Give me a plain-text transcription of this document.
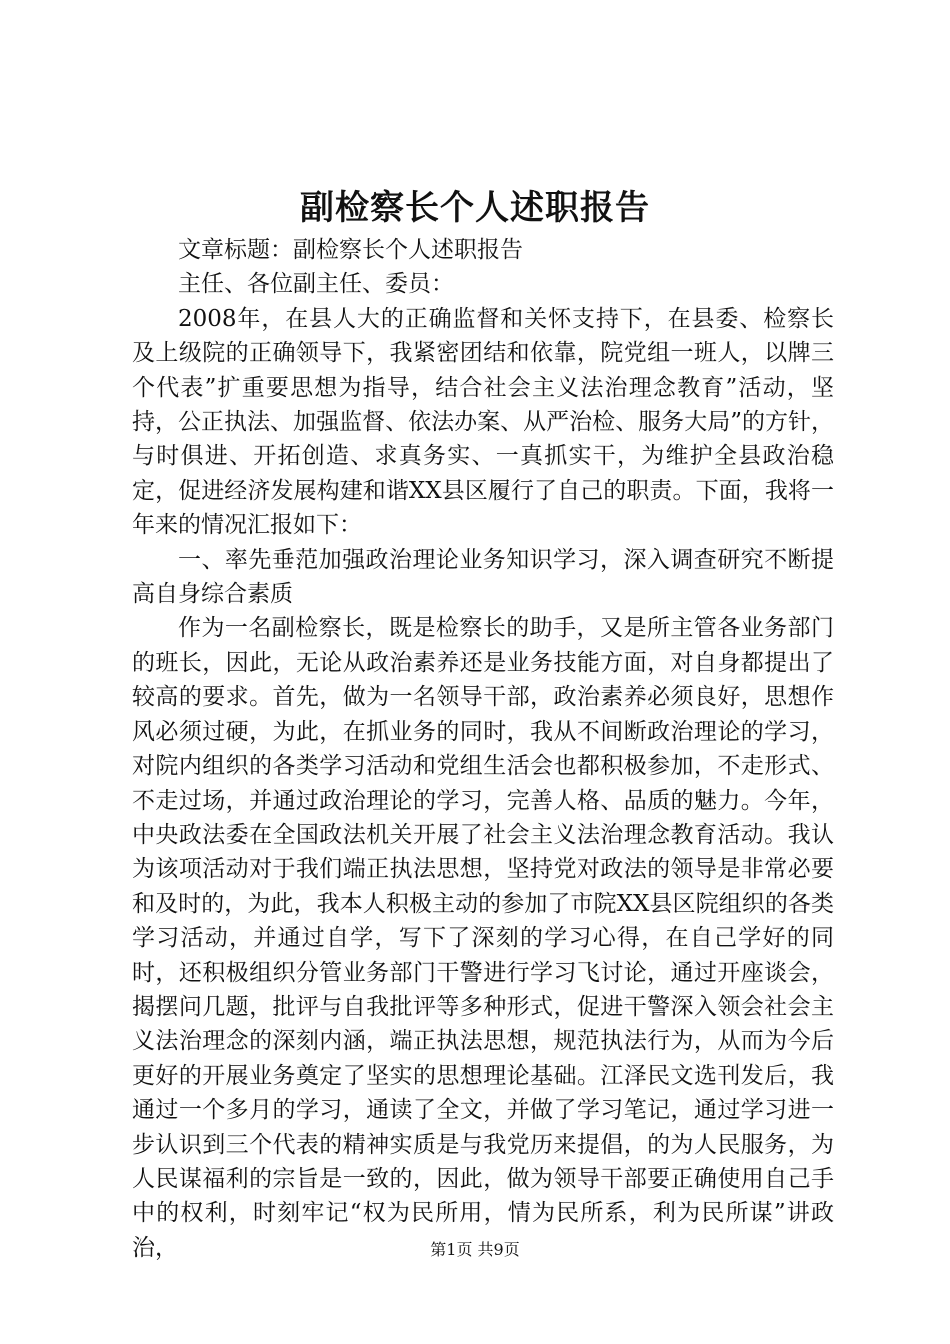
副检察长个人述职报告

文章标题：副检察长个人述职报告

主任、各位副主任、委员：

2008年，在县人大的正确监督和关怀支持下，在县委、检察长及上级院的正确领导下，我紧密团结和依靠，院党组一班人，以牌三个代表”扩重要思想为指导，结合社会主义法治理念教育”活动，坚持，公正执法、加强监督、依法办案、从严治检、服务大局”的方针，与时俱进、开拓创造、求真务实、一真抓实干，为维护全县政治稳定，促进经济发展构建和谐XX县区履行了自己的职责。下面，我将一年来的情况汇报如下：

一、率先垂范加强政治理论业务知识学习，深入调查研究不断提高自身综合素质

作为一名副检察长，既是检察长的助手，又是所主管各业务部门的班长，因此，无论从政治素养还是业务技能方面，对自身都提出了较高的要求。首先，做为一名领导干部，政治素养必须良好，思想作风必须过硬，为此，在抓业务的同时，我从不间断政治理论的学习，对院内组织的各类学习活动和党组生活会也都积极参加，不走形式、不走过场，并通过政治理论的学习，完善人格、品质的魅力。今年，中央政法委在全国政法机关开展了社会主义法治理念教育活动。我认为该项活动对于我们端正执法思想，坚持党对政法的领导是非常必要和及时的，为此，我本人积极主动的参加了市院XX县区院组织的各类学习活动，并通过自学，写下了深刻的学习心得，在自己学好的同时，还积极组织分管业务部门干警进行学习飞讨论，通过开座谈会，揭摆问几题，批评与自我批评等多种形式，促进干警深入领会社会主义法治理念的深刻内涵，端正执法思想，规范执法行为，从而为今后更好的开展业务奠定了坚实的思想理论基础。江泽民文选刊发后，我通过一个多月的学习，通读了全文，并做了学习笔记，通过学习进一步认识到三个代表的精神实质是与我党历来提倡，的为人民服务，为人民谋福利的宗旨是一致的，因此，做为领导干部要正确使用自己手中的权利，时刻牢记“权为民所用，情为民所系，利为民所谋”讲政治，	第1页 共9页
